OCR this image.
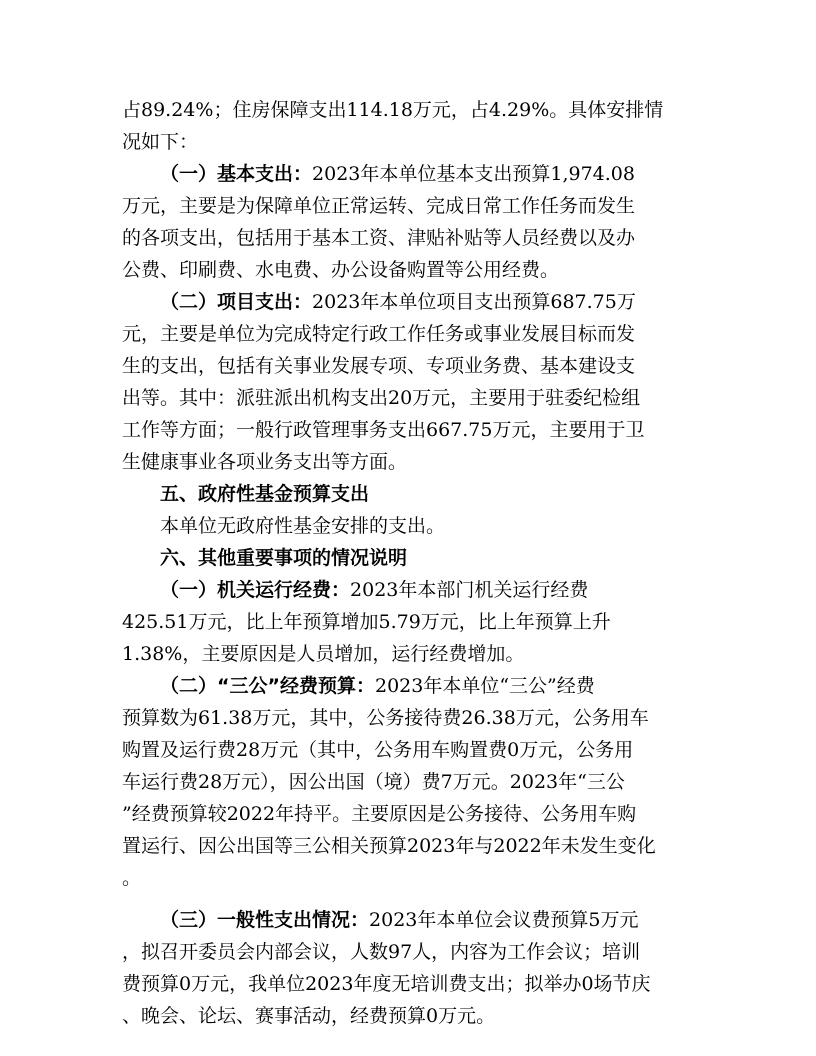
占89.24%；住房保障支出114.18万元，占4.29%。具体安排情
况如下：
（一）基本支出：2023年本单位基本支出预算1,974.08
万元，主要是为保障单位正常运转、完成日常工作任务而发生
的各项支出，包括用于基本工资、津贴补贴等人员经费以及办
公费、印刷费、水电费、办公设备购置等公用经费。
（二）项目支出：2023年本单位项目支出预算687.75万
元，主要是单位为完成特定行政工作任务或事业发展目标而发
生的支出，包括有关事业发展专项、专项业务费、基本建设支
出等。其中：派驻派出机构支出20万元，主要用于驻委纪检组
工作等方面；一般行政管理事务支出667.75万元，主要用于卫
生健康事业各项业务支出等方面。
五、政府性基金预算支出
本单位无政府性基金安排的支出。
六、其他重要事项的情况说明
（一）机关运行经费：2023年本部门机关运行经费
425.51万元，比上年预算增加5.79万元，比上年预算上升
1.38%，主要原因是人员增加，运行经费增加。
（二）“三公”经费预算：2023年本单位“三公”经费
预算数为61.38万元，其中，公务接待费26.38万元，公务用车
购置及运行费28万元（其中，公务用车购置费0万元，公务用
车运行费28万元），因公出国（境）费7万元。2023年“三公
”经费预算较2022年持平。主要原因是公务接待、公务用车购
置运行、因公出国等三公相关预算2023年与2022年未发生变化
。
（三）一般性支出情况：2023年本单位会议费预算5万元
，拟召开委员会内部会议，人数97人，内容为工作会议；培训
费预算0万元，我单位2023年度无培训费支出；拟举办0场节庆
、晚会、论坛、赛事活动，经费预算0万元。
